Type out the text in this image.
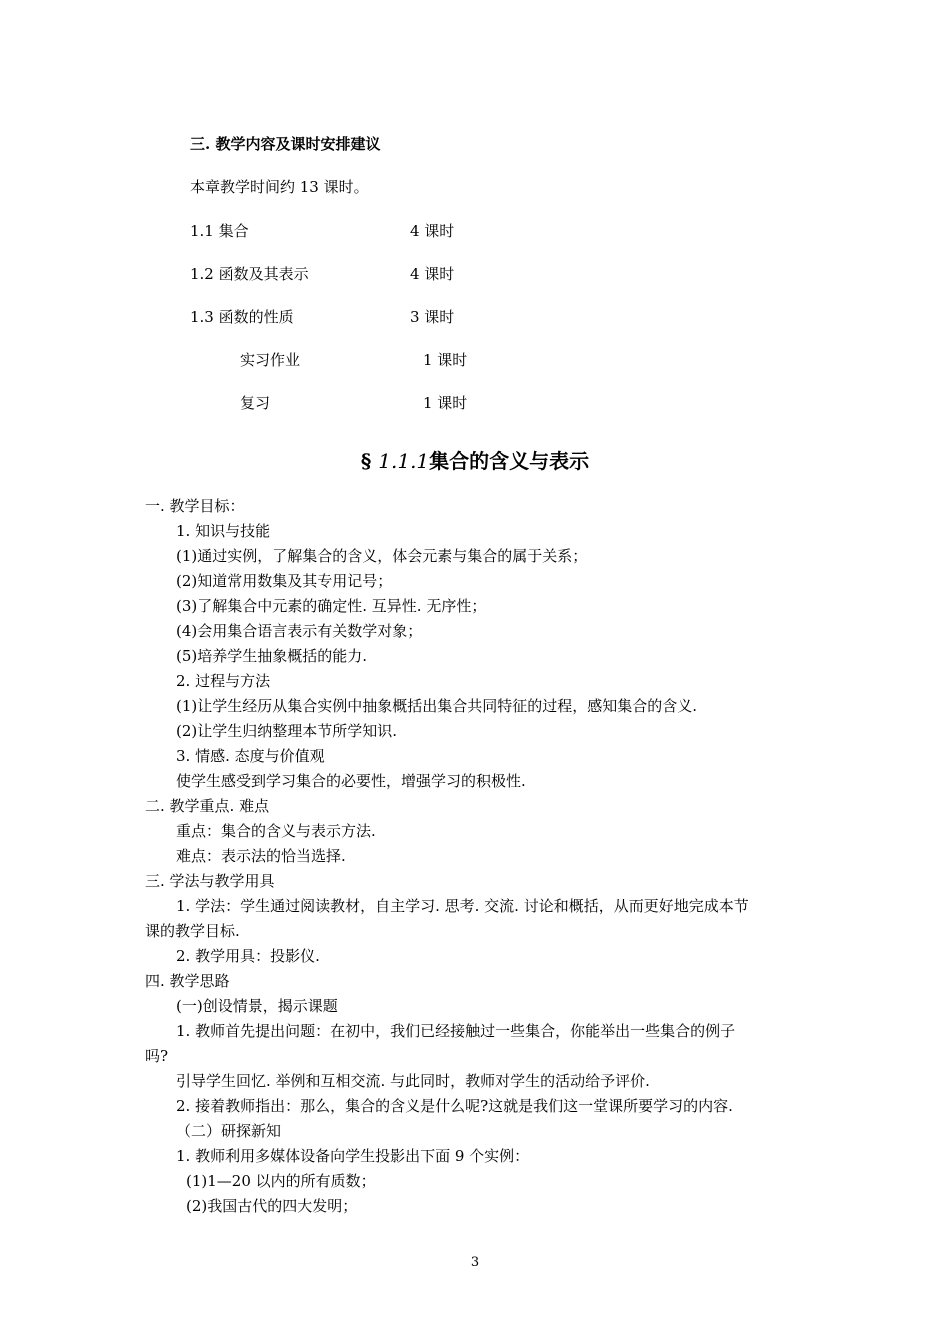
三. 教学内容及课时安排建议
本章教学时间约 13 课时。
1.1 集合	4 课时
1.2 函数及其表示	4 课时
1.3 函数的性质	3 课时
实习作业	1 课时
复习	1 课时
§ 1.1.1集合的含义与表示
一. 教学目标：
1. 知识与技能
(1)通过实例，了解集合的含义，体会元素与集合的属于关系；
(2)知道常用数集及其专用记号；
(3)了解集合中元素的确定性. 互异性. 无序性；
(4)会用集合语言表示有关数学对象；
(5)培养学生抽象概括的能力.
2. 过程与方法
(1)让学生经历从集合实例中抽象概括出集合共同特征的过程，感知集合的含义.
(2)让学生归纳整理本节所学知识.
3. 情感. 态度与价值观
使学生感受到学习集合的必要性，增强学习的积极性.
二. 教学重点. 难点
重点：集合的含义与表示方法.
难点：表示法的恰当选择.
三. 学法与教学用具
1. 学法：学生通过阅读教材，自主学习. 思考. 交流. 讨论和概括，从而更好地完成本节
课的教学目标.
2. 教学用具：投影仪.
四. 教学思路
(一)创设情景，揭示课题
1. 教师首先提出问题：在初中，我们已经接触过一些集合，你能举出一些集合的例子
吗?
引导学生回忆. 举例和互相交流. 与此同时，教师对学生的活动给予评价.
2. 接着教师指出：那么，集合的含义是什么呢?这就是我们这一堂课所要学习的内容.
（二）研探新知
1. 教师利用多媒体设备向学生投影出下面 9 个实例：
(1)1—20 以内的所有质数；
(2)我国古代的四大发明；
3
